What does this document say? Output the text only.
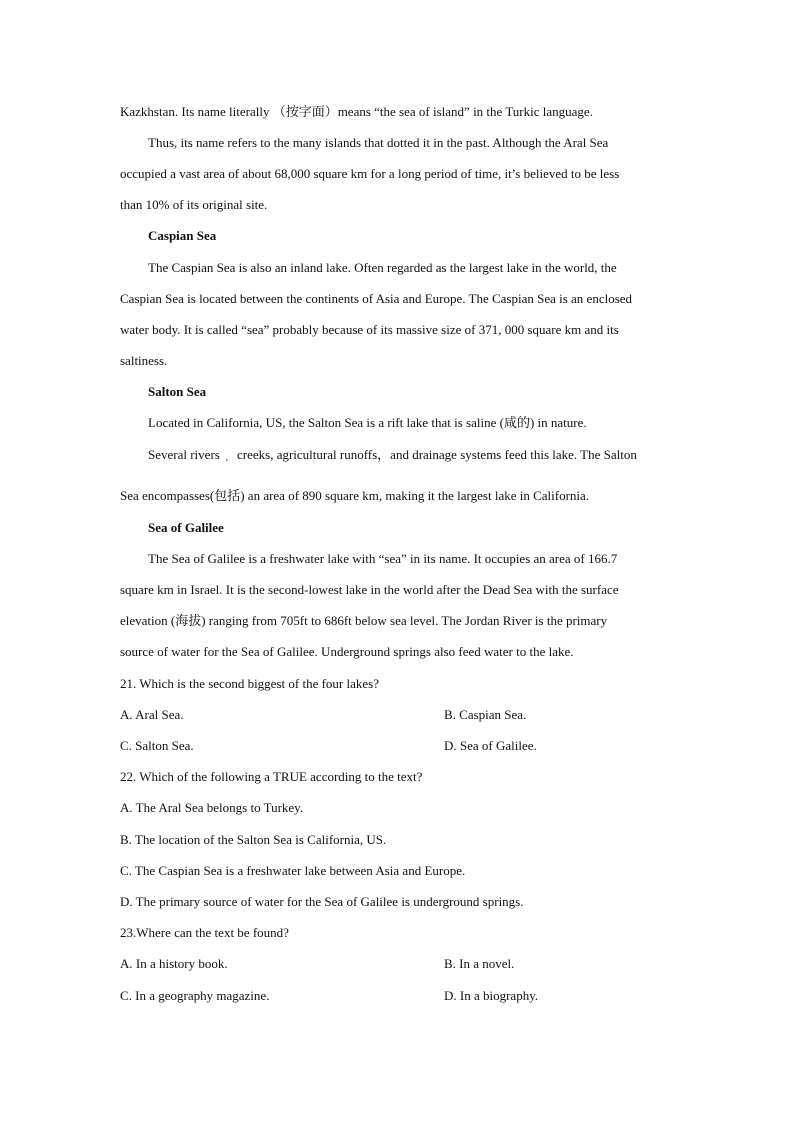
Kazkhstan. Its name literally （按字面）means “the sea of island” in the Turkic language.
Thus, its name refers to the many islands that dotted it in the past. Although the Aral Sea
occupied a vast area of about 68,000 square km for a long period of time, it’s believed to be less
than 10% of its original site.
Caspian Sea
The Caspian Sea is also an inland lake. Often regarded as the largest lake in the world, the
Caspian Sea is located between the continents of Asia and Europe. The Caspian Sea is an enclosed
water body. It is called “sea” probably because of its massive size of 371, 000 square km and its
saltiness.
Salton Sea
Located in California, US, the Salton Sea is a rift lake that is saline (咸的) in nature.
Several rivers
'
creeks, agricultural runoffs，and drainage systems feed this lake. The Salton
Sea encompasses(包括) an area of 890 square km, making it the largest lake in California.
Sea of Galilee
The Sea of Galilee is a freshwater lake with “sea” in its name. It occupies an area of 166.7
square km in Israel. It is the second-lowest lake in the world after the Dead Sea with the surface
elevation (海拔) ranging from 705ft to 686ft below sea level. The Jordan River is the primary
source of water for the Sea of Galilee. Underground springs also feed water to the lake.
21. Which is the second biggest of the four lakes?
A. Aral Sea.	B. Caspian Sea.
C. Salton Sea.	D. Sea of Galilee.
22. Which of the following a TRUE according to the text?
A. The Aral Sea belongs to Turkey.
B. The location of the Salton Sea is California, US.
C. The Caspian Sea is a freshwater lake between Asia and Europe.
D. The primary source of water for the Sea of Galilee is underground springs.
23.Where can the text be found?
A. In a history book.	B. In a novel.
C. In a geography magazine.	D. In a biography.
